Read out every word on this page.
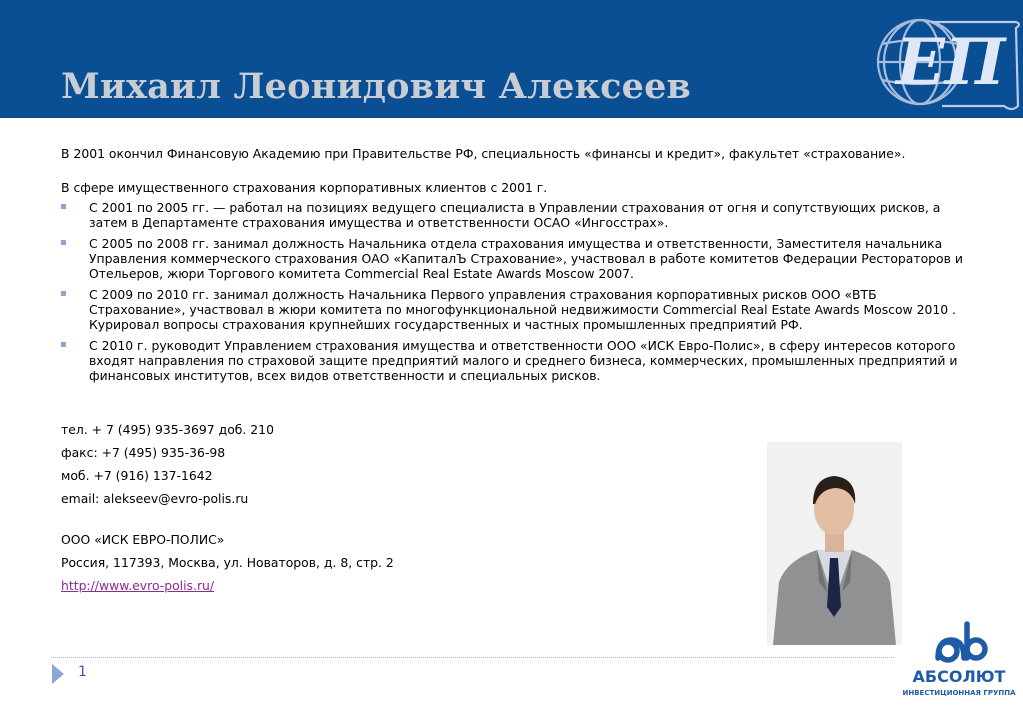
Михаил Леонидович Алексеев	ЕП

В 2001 окончил Финансовую Академию при Правительстве РФ, специальность «финансы и кредит», факультет «страхование».

В сфере имущественного страхования корпоративных клиентов с 2001 г.

С 2001 по 2005 гг. — работал на позициях ведущего специалиста в Управлении страхования от огня и сопутствующих рисков, а затем в Департаменте страхования имущества и ответственности ОСАО «Ингосстрах».
С 2005 по 2008 гг. занимал должность Начальника отдела страхования имущества и ответственности, Заместителя начальника Управления коммерческого страхования ОАО «КапиталЪ Страхование», участвовал в работе комитетов Федерации Рестораторов и Отельеров, жюри Торгового комитета Commercial Real Estate Awards Moscow 2007.
С 2009 по 2010 гг. занимал должность Начальника Первого управления страхования корпоративных рисков ООО «ВТБ Страхование», участвовал в жюри комитета по многофункциональной недвижимости Commercial Real Estate Awards Moscow 2010 . Курировал вопросы страхования крупнейших государственных и частных промышленных предприятий РФ.
С 2010 г. руководит Управлением страхования имущества и ответственности ООО «ИСК Евро-Полис», в сферу интересов которого входят направления по страховой защите предприятий малого и среднего бизнеса, коммерческих, промышленных предприятий и финансовых институтов, всех видов ответственности и специальных рисков.
тел. + 7 (495) 935-3697 доб. 210
факс: +7 (495) 935-36-98
моб. +7 (916) 137-1642
email: alekseev@evro-polis.ru
ООО «ИСК ЕВРО-ПОЛИС»
Россия, 117393, Москва, ул. Новаторов, д. 8, стр. 2
http://www.evro-polis.ru/
АБСОЛЮТ
ИНВЕСТИЦИОННАЯ ГРУППА
1
